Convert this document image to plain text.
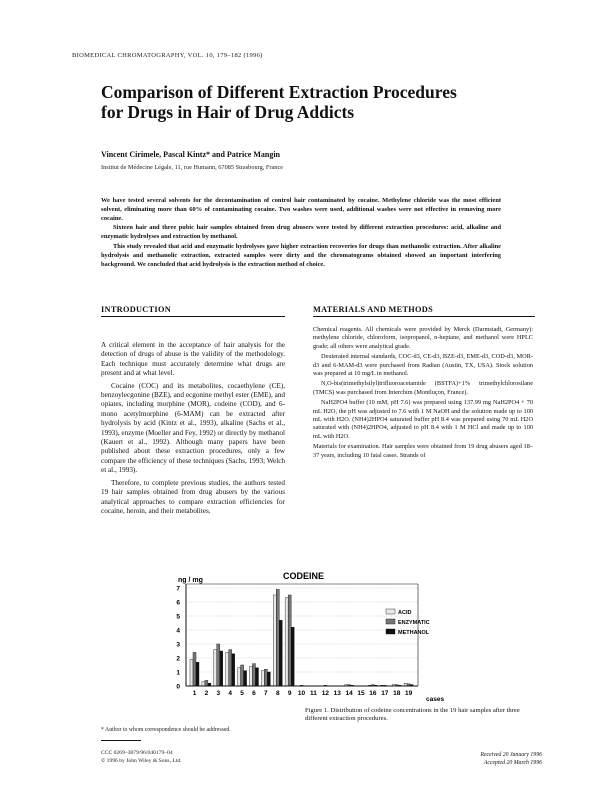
BIOMEDICAL CHROMATOGRAPHY, VOL. 10, 179–182 (1996)
Comparison of Different Extraction Procedures
for Drugs in Hair of Drug Addicts
Vincent Cirimele, Pascal Kintz* and Patrice Mangin
Institut de Médecine Légale, 11, rue Humann, 67085 Strasbourg, France
We have tested several solvents for the decontamination of control hair contaminated by cocaine. Methylene chloride was the most efficient solvent, eliminating more than 60% of contaminating cocaine. Two washes were used, additional washes were not effective in removing more cocaine.
Sixteen hair and three pubic hair samples obtained from drug abusers were tested by different extraction procedures: acid, alkaline and enzymatic hydrolyses and extraction by methanol.
This study revealed that acid and enzymatic hydrolyses gave higher extraction recoveries for drugs than methanolic extraction. After alkaline hydrolysis and methanolic extraction, extracted samples were dirty and the chromatograms obtained showed an important interfering background. We concluded that acid hydrolysis is the extraction method of choice.
INTRODUCTION

A critical element in the acceptance of hair analysis for the detection of drugs of abuse is the validity of the methodology. Each technique must accurately determine what drugs are present and at what level.

Cocaine (COC) and its metabolites, cocaethylene (CE), benzoylecgonine (BZE), and ecgonine methyl ester (EME), and opiates, including morphine (MOR), codeine (COD), and 6-mono acetylmorphine (6-MAM) can be extracted after hydrolysis by acid (Kintz et al., 1993), alkaline (Sachs et al., 1993), enzyme (Moeller and Fey, 1992) or directly by methanol (Kauert et al., 1992). Although many papers have been published about these extraction procedures, only a few compare the efficiency of these techniques (Sachs, 1993; Welch et al., 1993).

Therefore, to complete previous studies, the authors tested 19 hair samples obtained from drug abusers by the various analytical approaches to compare extraction efficiencies for cocaine, heroin, and their metabolites.

MATERIALS AND METHODS

Chemical reagents. All chemicals were provided by Merck (Darmstadt, Germany): methylene chloride, chloroform, isopropanol, n-heptane, and methanol were HPLC grade; all others were analytical grade.

Deuterated internal standards, COC-d3, CE-d3, BZE-d3, EME-d3, COD-d3, MOR-d3 and 6-MAM-d3 were purchased from Radian (Austin, TX, USA). Stock solution was prepared at 10 mg/L in methanol.

N,O-bis(trimethylsilyl)trifluoroacetamide (BSTFA)+1% trimethylchlorosilane (TMCS) was purchased from Interchim (Montluçon, France).

NaH2PO4 buffer (10 mM, pH 7.6) was prepared using 137.99 mg NaH2PO4 + 70 mL H2O, the pH was adjusted to 7.6 with 1 M NaOH and the solution made up to 100 mL with H2O. (NH4)2HPO4 saturated buffer pH 8.4 was prepared using 70 mL H2O saturated with (NH4)2HPO4, adjusted to pH 8.4 with 1 M HCl and made up to 100 mL with H2O.

Materials for examination. Hair samples were obtained from 19 drug abusers aged 18–37 years, including 10 fatal cases. Strands of

CODEINE
ng / mg
cases
0
1
2
3
4
5
6
7
1 2 3 4 5 6 7 8 9 10 11 12 13 14 15 16 17 18 19
ACID
ENZYMATIC
METHANOL
Figure 1. Distribution of codeine concentrations in the 19 hair samples after three different extraction procedures.
* Author to whom correspondence should be addressed.
CCC 0269–3879/96/040179–04
© 1996 by John Wiley & Sons, Ltd.
Received 20 January 1996
Accepted 20 March 1996
